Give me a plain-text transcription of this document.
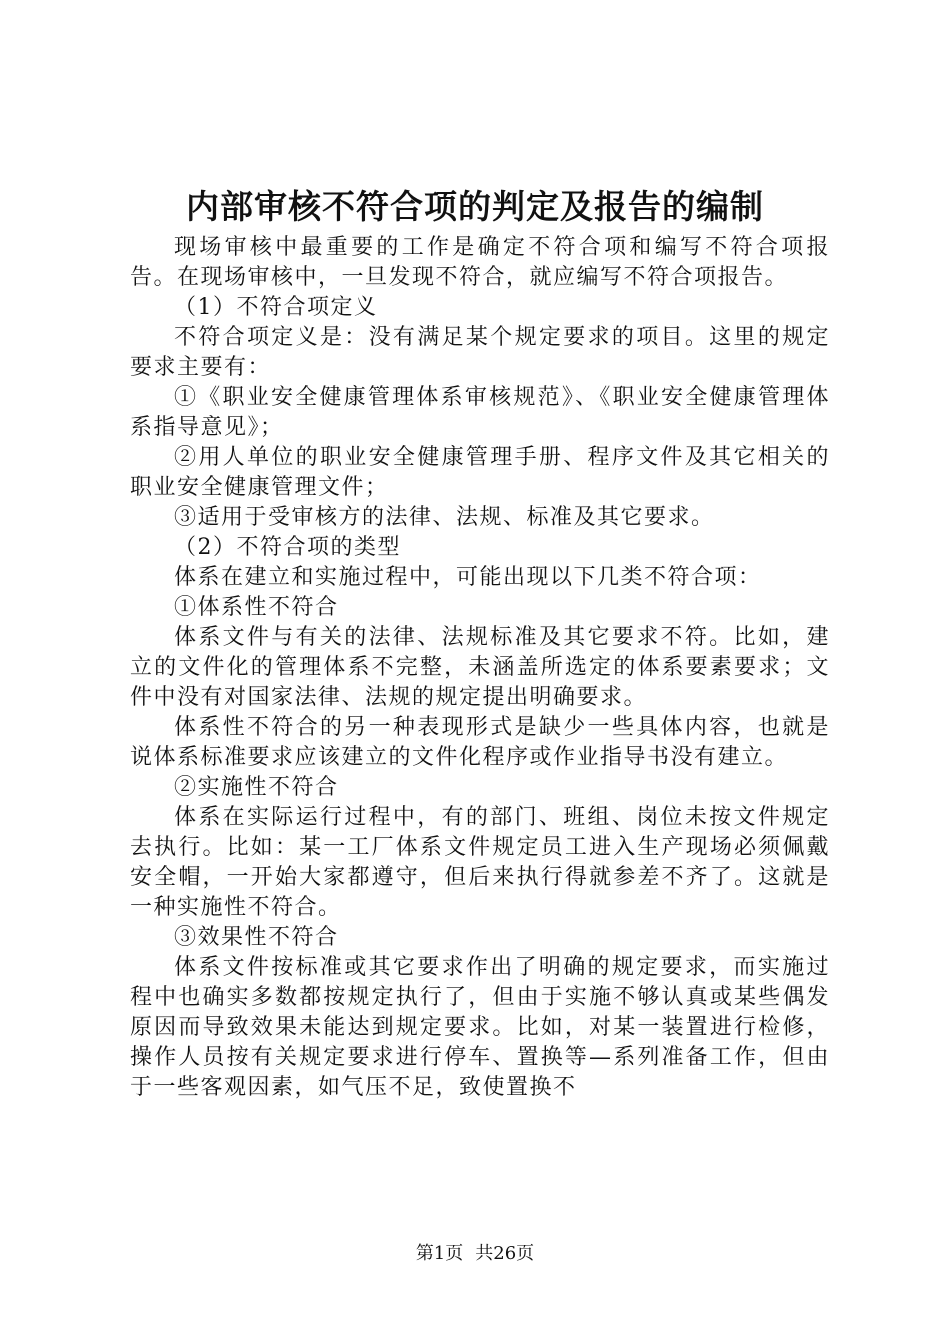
内部审核不符合项的判定及报告的编制

现场审核中最重要的工作是确定不符合项和编写不符合项报告。在现场审核中，一旦发现不符合，就应编写不符合项报告。

（1）不符合项定义

不符合项定义是：没有满足某个规定要求的项目。这里的规定要求主要有：

①《职业安全健康管理体系审核规范》、《职业安全健康管理体系指导意见》；

②用人单位的职业安全健康管理手册、程序文件及其它相关的职业安全健康管理文件；

③适用于受审核方的法律、法规、标准及其它要求。

（2）不符合项的类型

体系在建立和实施过程中，可能出现以下几类不符合项：

①体系性不符合

体系文件与有关的法律、法规标准及其它要求不符。比如，建立的文件化的管理体系不完整，未涵盖所选定的体系要素要求；文件中没有对国家法律、法规的规定提出明确要求。

体系性不符合的另一种表现形式是缺少一些具体内容，也就是说体系标准要求应该建立的文件化程序或作业指导书没有建立。

②实施性不符合

体系在实际运行过程中，有的部门、班组、岗位未按文件规定去执行。比如：某一工厂体系文件规定员工进入生产现场必须佩戴安全帽，一开始大家都遵守，但后来执行得就参差不齐了。这就是一种实施性不符合。

③效果性不符合

体系文件按标准或其它要求作出了明确的规定要求，而实施过程中也确实多数都按规定执行了，但由于实施不够认真或某些偶发原因而导致效果未能达到规定要求。比如，对某一装置进行检修，操作人员按有关规定要求进行停车、置换等—系列准备工作，但由于一些客观因素，如气压不足，致使置换不

第1页 共26页
